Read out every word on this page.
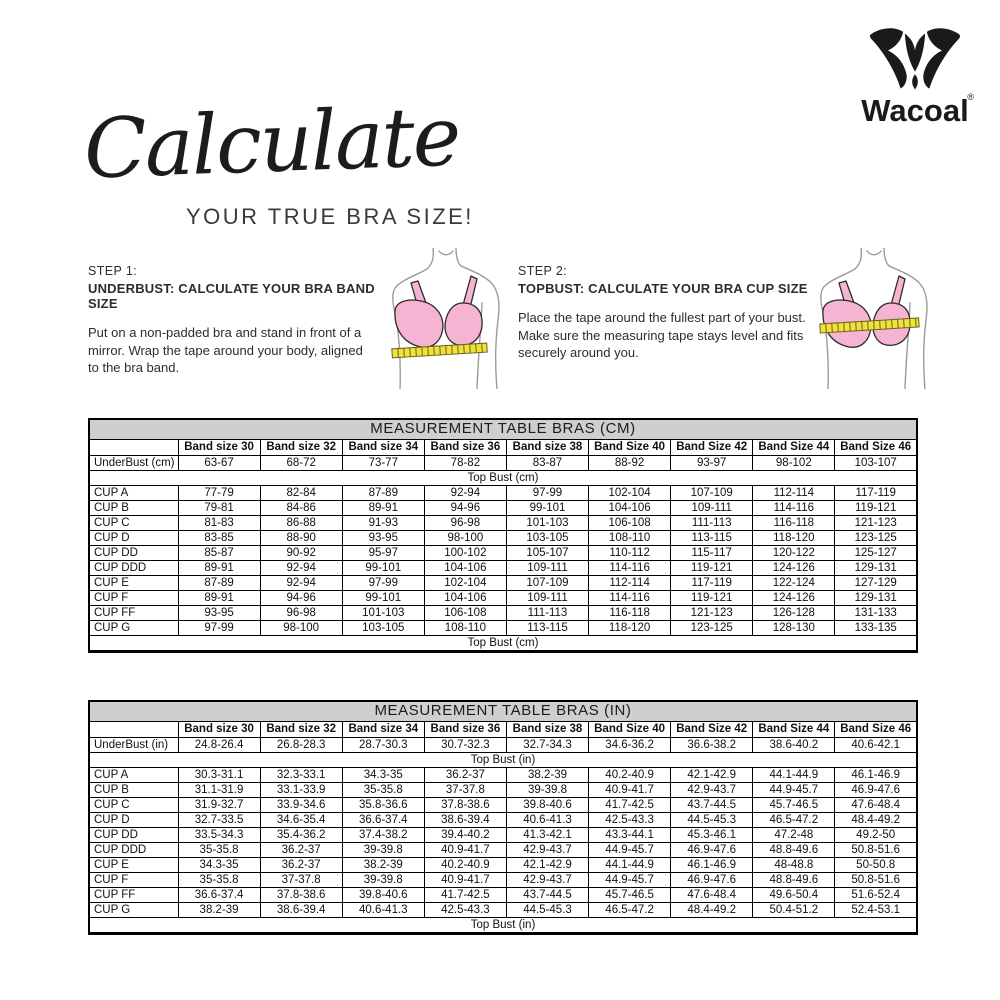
®
Wacoal
Calculate
YOUR TRUE BRA SIZE!
STEP 1:
UNDERBUST: CALCULATE YOUR BRA BAND SIZE

Put on a non-padded bra and stand in front of a mirror. Wrap the tape around your body, aligned to the bra band.

STEP 2:
TOPBUST: CALCULATE YOUR BRA CUP SIZE

Place the tape around the fullest part of your bust. Make sure the measuring tape stays level and fits securely around you.

MEASUREMENT TABLE BRAS (CM)									
	Band size 30	Band size 32	Band size 34	Band size 36	Band size 38	Band Size 40	Band Size 42	Band Size 44	Band Size 46
UnderBust (cm)	63-67	68-72	73-77	78-82	83-87	88-92	93-97	98-102	103-107
Top Bust (cm)									
CUP A	77-79	82-84	87-89	92-94	97-99	102-104	107-109	112-114	117-119
CUP B	79-81	84-86	89-91	94-96	99-101	104-106	109-111	114-116	119-121
CUP C	81-83	86-88	91-93	96-98	101-103	106-108	111-113	116-118	121-123
CUP D	83-85	88-90	93-95	98-100	103-105	108-110	113-115	118-120	123-125
CUP DD	85-87	90-92	95-97	100-102	105-107	110-112	115-117	120-122	125-127
CUP DDD	89-91	92-94	99-101	104-106	109-111	114-116	119-121	124-126	129-131
CUP E	87-89	92-94	97-99	102-104	107-109	112-114	117-119	122-124	127-129
CUP F	89-91	94-96	99-101	104-106	109-111	114-116	119-121	124-126	129-131
CUP FF	93-95	96-98	101-103	106-108	111-113	116-118	121-123	126-128	131-133
CUP G	97-99	98-100	103-105	108-110	113-115	118-120	123-125	128-130	133-135
Top Bust (cm)									
MEASUREMENT TABLE BRAS (IN)									
	Band size 30	Band size 32	Band size 34	Band size 36	Band size 38	Band Size 40	Band Size 42	Band Size 44	Band Size 46
UnderBust (in)	24.8-26.4	26.8-28.3	28.7-30.3	30.7-32.3	32.7-34.3	34.6-36.2	36.6-38.2	38.6-40.2	40.6-42.1
Top Bust (in)									
CUP A	30.3-31.1	32.3-33.1	34.3-35	36.2-37	38.2-39	40.2-40.9	42.1-42.9	44.1-44.9	46.1-46.9
CUP B	31.1-31.9	33.1-33.9	35-35.8	37-37.8	39-39.8	40.9-41.7	42.9-43.7	44.9-45.7	46.9-47.6
CUP C	31.9-32.7	33.9-34.6	35.8-36.6	37.8-38.6	39.8-40.6	41.7-42.5	43.7-44.5	45.7-46.5	47.6-48.4
CUP D	32.7-33.5	34.6-35.4	36.6-37.4	38.6-39.4	40.6-41.3	42.5-43.3	44.5-45.3	46.5-47.2	48.4-49.2
CUP DD	33.5-34.3	35.4-36.2	37.4-38.2	39.4-40.2	41.3-42.1	43.3-44.1	45.3-46.1	47.2-48	49.2-50
CUP DDD	35-35.8	36.2-37	39-39.8	40.9-41.7	42.9-43.7	44.9-45.7	46.9-47.6	48.8-49.6	50.8-51.6
CUP E	34.3-35	36.2-37	38.2-39	40.2-40.9	42.1-42.9	44.1-44.9	46.1-46.9	48-48.8	50-50.8
CUP F	35-35.8	37-37.8	39-39.8	40.9-41.7	42.9-43.7	44.9-45.7	46.9-47.6	48.8-49.6	50.8-51.6
CUP FF	36.6-37.4	37.8-38.6	39.8-40.6	41.7-42.5	43.7-44.5	45.7-46.5	47.6-48.4	49.6-50.4	51.6-52.4
CUP G	38.2-39	38.6-39.4	40.6-41.3	42.5-43.3	44.5-45.3	46.5-47.2	48.4-49.2	50.4-51.2	52.4-53.1
Top Bust (in)									
